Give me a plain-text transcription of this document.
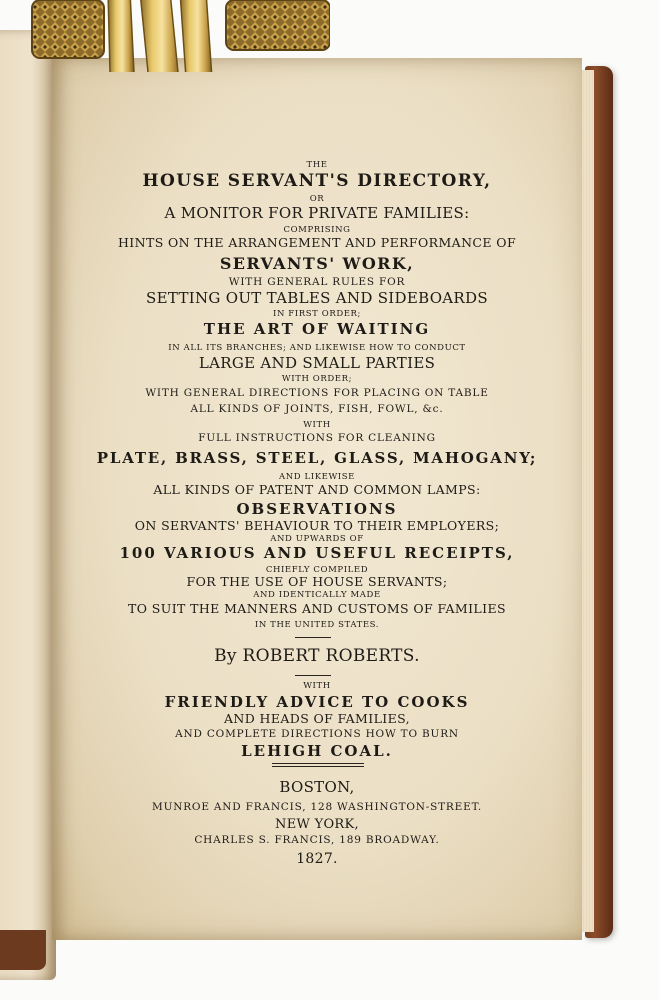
THE
HOUSE SERVANT'S DIRECTORY,
OR
A MONITOR FOR PRIVATE FAMILIES:
COMPRISING
HINTS ON THE ARRANGEMENT AND PERFORMANCE OF
SERVANTS' WORK,
WITH GENERAL RULES FOR
SETTING OUT TABLES AND SIDEBOARDS
IN FIRST ORDER;
THE ART OF WAITING
IN ALL ITS BRANCHES; AND LIKEWISE HOW TO CONDUCT
LARGE AND SMALL PARTIES
WITH ORDER;
WITH GENERAL DIRECTIONS FOR PLACING ON TABLE
ALL KINDS OF JOINTS, FISH, FOWL, &c.
WITH
FULL INSTRUCTIONS FOR CLEANING
PLATE, BRASS, STEEL, GLASS, MAHOGANY;
AND LIKEWISE
ALL KINDS OF PATENT AND COMMON LAMPS:
OBSERVATIONS
ON SERVANTS' BEHAVIOUR TO THEIR EMPLOYERS;
AND UPWARDS OF
100 VARIOUS AND USEFUL RECEIPTS,
CHIEFLY COMPILED
FOR THE USE OF HOUSE SERVANTS;
AND IDENTICALLY MADE
TO SUIT THE MANNERS AND CUSTOMS OF FAMILIES
IN THE UNITED STATES.
By ROBERT ROBERTS.
WITH
FRIENDLY ADVICE TO COOKS
AND HEADS OF FAMILIES,
AND COMPLETE DIRECTIONS HOW TO BURN
LEHIGH COAL.
BOSTON,
MUNROE AND FRANCIS, 128 WASHINGTON-STREET.
NEW YORK,
CHARLES S. FRANCIS, 189 BROADWAY.
1827.
